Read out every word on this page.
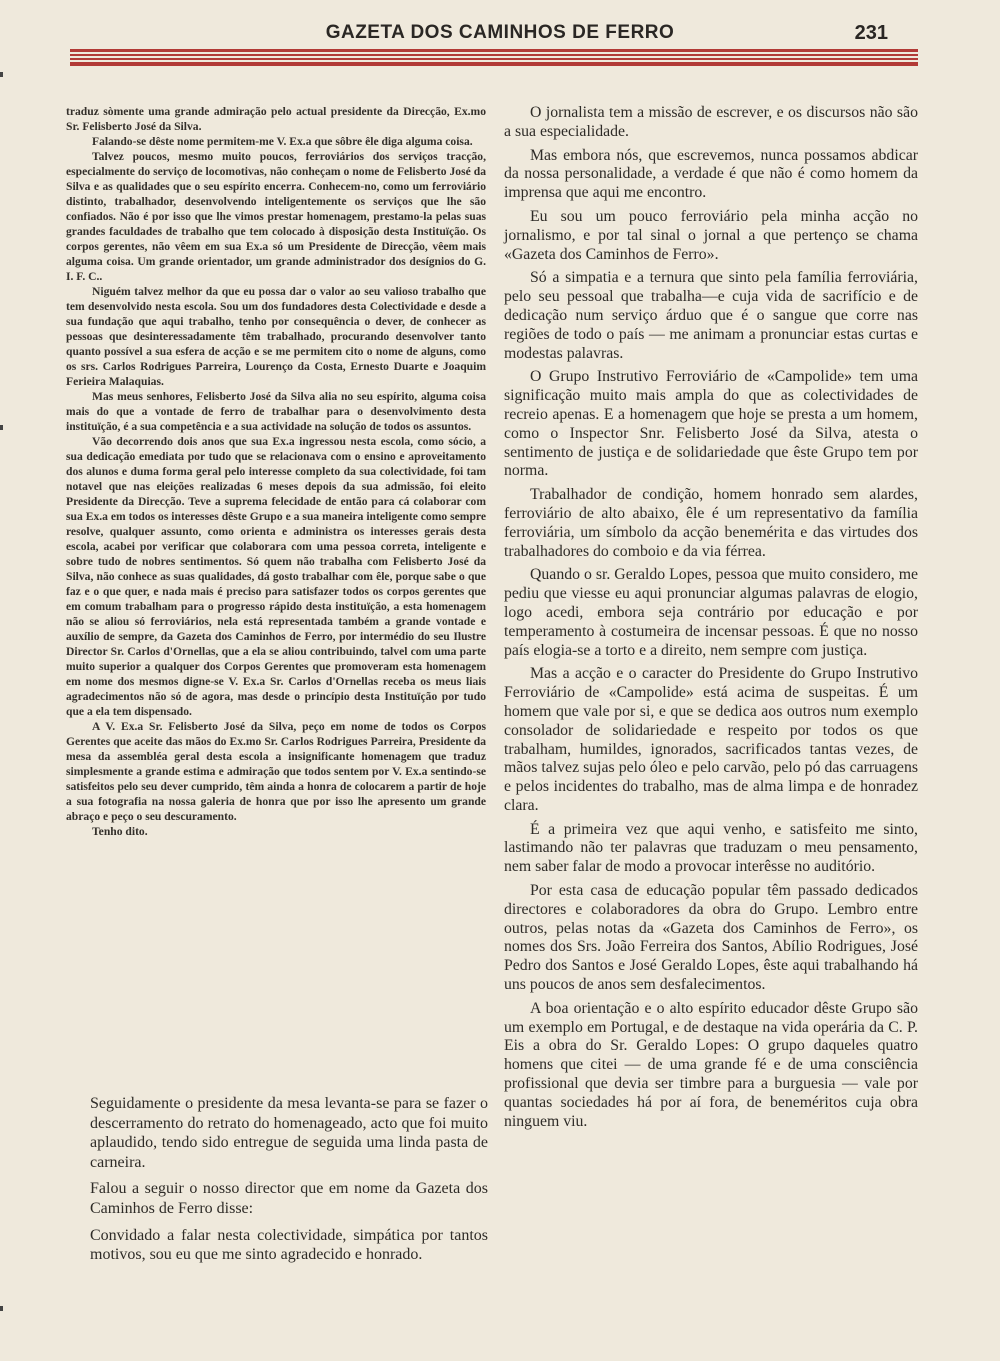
GAZETA DOS CAMINHOS DE FERRO	231

traduz sòmente uma grande admiração pelo actual presidente da Direcção, Ex.mo Sr. Felisberto José da Silva.

Falando-se dêste nome permitem-me V. Ex.a que sôbre êle diga alguma coisa.

Talvez poucos, mesmo muito poucos, ferroviários dos serviços tracção, especialmente do serviço de locomotivas, não conheçam o nome de Felisberto José da Silva e as qualidades que o seu espírito encerra. Conhecem-no, como um ferroviário distinto, trabalhador, desenvolvendo inteligentemente os serviços que lhe são confiados. Não é por isso que lhe vimos prestar homenagem, prestamo-la pelas suas grandes faculdades de trabalho que tem colocado à disposição desta Instituïção. Os corpos gerentes, não vêem em sua Ex.a só um Presidente de Direcção, vêem mais alguma coisa. Um grande orientador, um grande administrador dos desígnios do G. I. F. C..

Niguém talvez melhor da que eu possa dar o valor ao seu valioso trabalho que tem desenvolvido nesta escola. Sou um dos fundadores desta Colectividade e desde a sua fundação que aqui trabalho, tenho por consequência o dever, de conhecer as pessoas que desinteressadamente têm trabalhado, procurando desenvolver tanto quanto possível a sua esfera de acção e se me permitem cito o nome de alguns, como os srs. Carlos Rodrigues Parreira, Lourenço da Costa, Ernesto Duarte e Joaquim Ferieira Malaquias.

Mas meus senhores, Felisberto José da Silva alia no seu espírito, alguma coisa mais do que a vontade de ferro de trabalhar para o desenvolvimento desta instituïção, é a sua competência e a sua actividade na solução de todos os assuntos.

Vão decorrendo dois anos que sua Ex.a ingressou nesta escola, como sócio, a sua dedicação emediata por tudo que se relacionava com o ensino e aproveitamento dos alunos e duma forma geral pelo interesse completo da sua colectividade, foi tam notavel que nas eleições realizadas 6 meses depois da sua admissão, foi eleito Presidente da Direcção. Teve a suprema felecidade de então para cá colaborar com sua Ex.a em todos os interesses dêste Grupo e a sua maneira inteligente como sempre resolve, qualquer assunto, como orienta e administra os interesses gerais desta escola, acabei por verificar que colaborara com uma pessoa correta, inteligente e sobre tudo de nobres sentimentos. Só quem não trabalha com Felisberto José da Silva, não conhece as suas qualidades, dá gosto trabalhar com êle, porque sabe o que faz e o que quer, e nada mais é preciso para satisfazer todos os corpos gerentes que em comum trabalham para o progresso rápido desta instituïção, a esta homenagem não se aliou só ferroviários, nela está representada também a grande vontade e auxílio de sempre, da Gazeta dos Caminhos de Ferro, por intermédio do seu Ilustre Director Sr. Carlos d'Ornellas, que a ela se aliou contribuindo, talvel com uma parte muito superior a qualquer dos Corpos Gerentes que promoveram esta homenagem em nome dos mesmos digne-se V. Ex.a Sr. Carlos d'Ornellas receba os meus liais agradecimentos não só de agora, mas desde o princípio desta Instituïção por tudo que a ela tem dispensado.

A V. Ex.a Sr. Felisberto José da Silva, peço em nome de todos os Corpos Gerentes que aceite das mãos do Ex.mo Sr. Carlos Rodrigues Parreira, Presidente da mesa da assembléa geral desta escola a insignificante homenagem que traduz simplesmente a grande estima e admiração que todos sentem por V. Ex.a sentindo-se satisfeitos pelo seu dever cumprido, têm ainda a honra de colocarem a partir de hoje a sua fotografia na nossa galeria de honra que por isso lhe apresento um grande abraço e peço o seu descuramento.

Tenho dito.

Seguidamente o presidente da mesa levanta-se para se fazer o descerramento do retrato do homenageado, acto que foi muito aplaudido, tendo sido entregue de seguida uma linda pasta de carneira.

Falou a seguir o nosso director que em nome da Gazeta dos Caminhos de Ferro disse:

Convidado a falar nesta colectividade, simpática por tantos motivos, sou eu que me sinto agradecido e honrado.

O jornalista tem a missão de escrever, e os discursos não são a sua especialidade.

Mas embora nós, que escrevemos, nunca possamos abdicar da nossa personalidade, a verdade é que não é como homem da imprensa que aqui me encontro.

Eu sou um pouco ferroviário pela minha acção no jornalismo, e por tal sinal o jornal a que pertenço se chama «Gazeta dos Caminhos de Ferro».

Só a simpatia e a ternura que sinto pela família ferroviária, pelo seu pessoal que trabalha—e cuja vida de sacrifício e de dedicação num serviço árduo que é o sangue que corre nas regiões de todo o país — me animam a pronunciar estas curtas e modestas palavras.

O Grupo Instrutivo Ferroviário de «Campolide» tem uma significação muito mais ampla do que as colectividades de recreio apenas. E a homenagem que hoje se presta a um homem, como o Inspector Snr. Felisberto José da Silva, atesta o sentimento de justiça e de solidariedade que êste Grupo tem por norma.

Trabalhador de condição, homem honrado sem alardes, ferroviário de alto abaixo, êle é um representativo da família ferroviária, um símbolo da acção benemérita e das virtudes dos trabalhadores do comboio e da via férrea.

Quando o sr. Geraldo Lopes, pessoa que muito considero, me pediu que viesse eu aqui pronunciar algumas palavras de elogio, logo acedi, embora seja contrário por educação e por temperamento à costumeira de incensar pessoas. É que no nosso país elogia-se a torto e a direito, nem sempre com justiça.

Mas a acção e o caracter do Presidente do Grupo Instrutivo Ferroviário de «Campolide» está acima de suspeitas. É um homem que vale por si, e que se dedica aos outros num exemplo consolador de solidariedade e respeito por todos os que trabalham, humildes, ignorados, sacrificados tantas vezes, de mãos talvez sujas pelo óleo e pelo carvão, pelo pó das carruagens e pelos incidentes do trabalho, mas de alma limpa e de honradez clara.

É a primeira vez que aqui venho, e satisfeito me sinto, lastimando não ter palavras que traduzam o meu pensamento, nem saber falar de modo a provocar interêsse no auditório.

Por esta casa de educação popular têm passado dedicados directores e colaboradores da obra do Grupo. Lembro entre outros, pelas notas da «Gazeta dos Caminhos de Ferro», os nomes dos Srs. João Ferreira dos Santos, Abílio Rodrigues, José Pedro dos Santos e José Geraldo Lopes, êste aqui trabalhando há uns poucos de anos sem desfalecimentos.

A boa orientação e o alto espírito educador dêste Grupo são um exemplo em Portugal, e de destaque na vida operária da C. P. Eis a obra do Sr. Geraldo Lopes: O grupo daqueles quatro homens que citei — de uma grande fé e de uma consciência profissional que devia ser timbre para a burguesia — vale por quantas sociedades há por aí fora, de beneméritos cuja obra ninguem viu.
